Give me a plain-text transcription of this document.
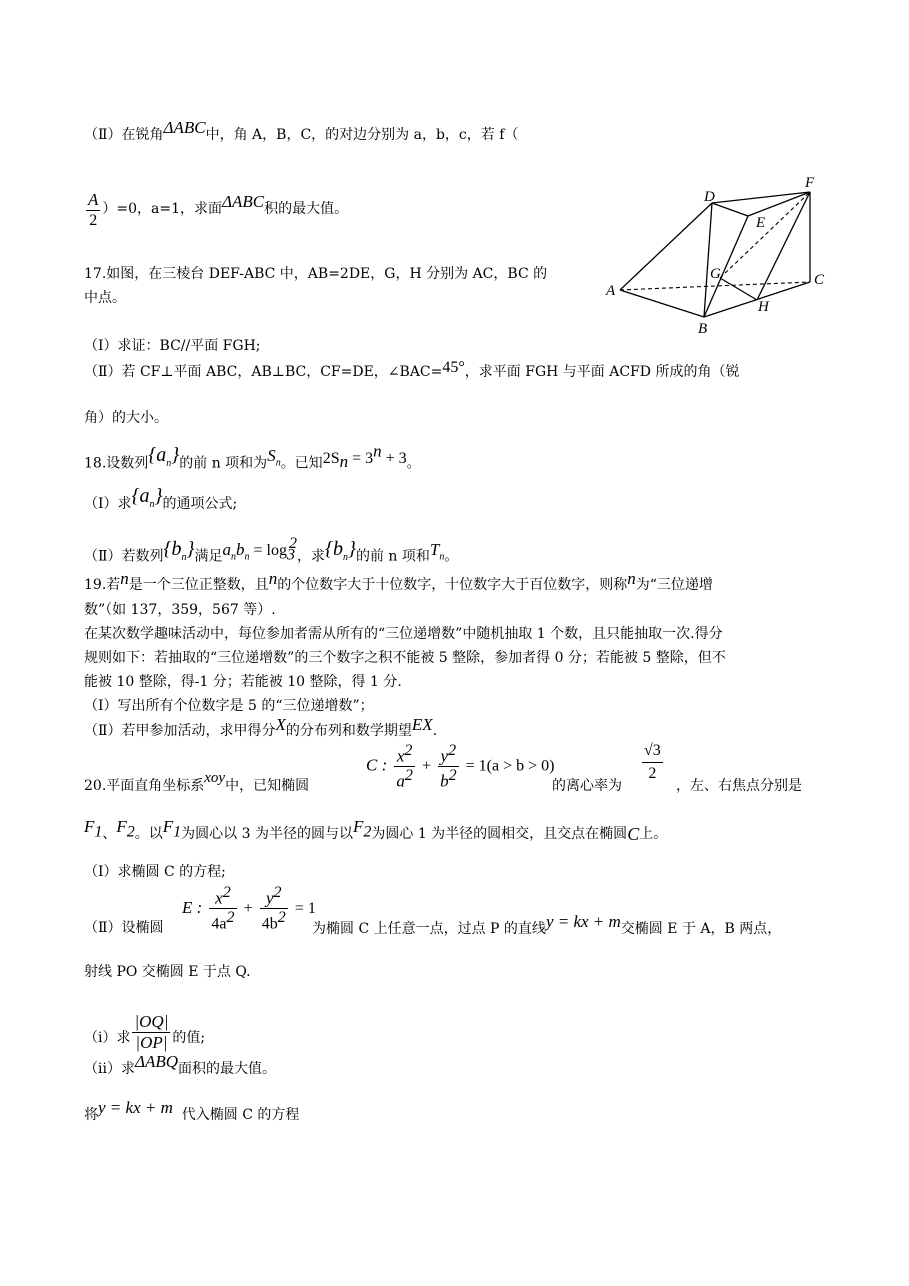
（Ⅱ）在锐角ΔABC中，角 A，B，C，的对边分别为 a，b，c，若 f（
$\frac{A}{2} )=0$，a=1，求面ΔABC积的最大值。
17.如图，在三棱台 DEF-ABC 中，AB=2DE，G，H 分别为 AC，BC 的
中点。	A
B
C
D
E
F
G
H
（Ⅰ）求证：BC//平面 FGH;
（Ⅱ）若 CF⊥平面 ABC，AB⊥BC，CF=DE，∠BAC=45°，求平面 FGH 与平面 ACFD 所成的角（锐
角）的大小。
18.设数列$\{a_n\}$的前 n 项和为$S_n$。已知$2S_n = 3^n + 3$。
（Ⅰ）求$\{a_n\}$的通项公式;
（Ⅱ）若数列$\{b_n\}$满足$a_nb_n = \log_3^2$，求$\{b_n\}$的前 n 项和$T_n$。
19.若n是一个三位正整数，且n的个位数字大于十位数字，十位数字大于百位数字，则称n为“三位递增
数”（如 137，359，567 等）.
在某次数学趣味活动中，每位参加者需从所有的“三位递增数”中随机抽取 1 个数，且只能抽取一次.得分
规则如下：若抽取的“三位递增数”的三个数字之积不能被 5 整除，参加者得 0 分；若能被 5 整除，但不
能被 10 整除，得-1 分；若能被 10 整除，得 1 分.
（Ⅰ）写出所有个位数字是 5 的“三位递增数”；
（Ⅱ）若甲参加活动，求甲得分X的分布列和数学期望EX.
20.平面直角坐标系xoy中，已知椭圆
C : $\frac{x^2}{a^2} + \frac{y^2}{b^2} = 1(a > b > 0)$
的离心率为
$\frac{√3}{2}$
，左、右焦点分别是
$F_1$、$F_2$。以$F_1$为圆心以 3 为半径的圆与以$F_2$为圆心 1 为半径的圆相交，且交点在椭圆C上。
（Ⅰ）求椭圆 C 的方程;
（Ⅱ）设椭圆
E : $\frac{x^2}{4a^2} + \frac{y^2}{4b^2} = 1$
为椭圆 C 上任意一点，过点 P 的直线y = kx + m交椭圆 E 于 A，B 两点，
射线 PO 交椭圆 E 于点 Q.
（i）求 $\frac{|OQ|}{|OP|}$ 的值;
（ii）求ΔABQ面积的最大值。
将y = kx + m 代入椭圆 C 的方程
